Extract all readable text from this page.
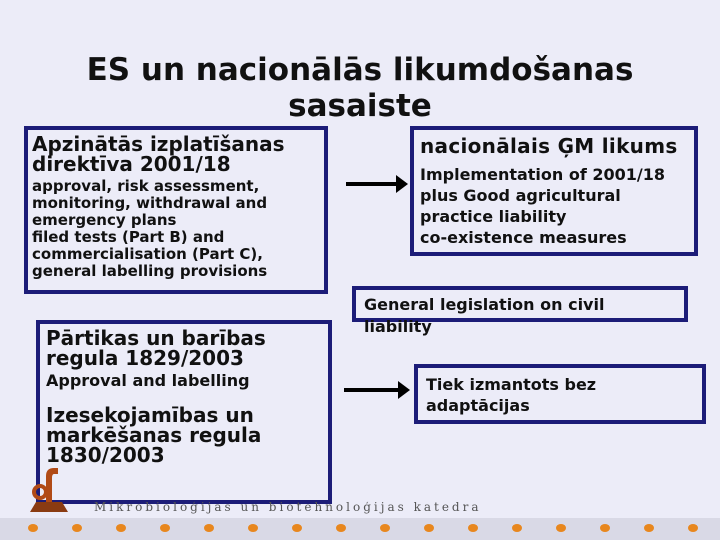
ES un nacionālās likumdošanas sasaiste
Apzinātās izplatīšanas
direktīva 2001/18
approval, risk assessment,
monitoring, withdrawal and
emergency plans
filed tests (Part B) and
commercialisation (Part C),
general labelling provisions
nacionālais ĢM likums
Implementation of 2001/18
plus Good agricultural
practice liability
co-existence measures
General legislation on civil liability
Pārtikas un barības
regula 1829/2003
Approval and labelling
Izesekojamības un
markēšanas regula
1830/2003
Tiek izmantots bez
adaptācijas
Mikrobioloģijas un biotehnoloģijas katedra
